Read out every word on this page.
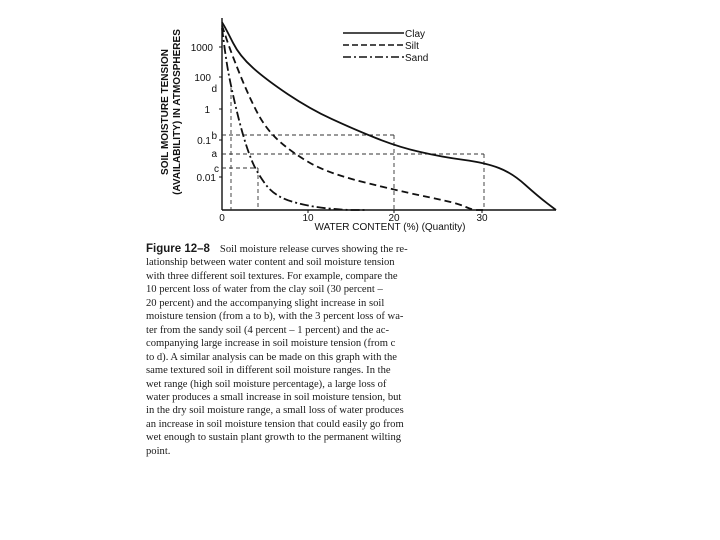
SOIL MOISTURE TENSION (AVAILABILITY) IN ATMOSPHERES
WATER CONTENT (%) (Quantity)
1000
100
1
0.1
0.01
d
b
a
c
0	10	20	30
Clay
Silt
Sand
Figure 12–8 Soil moisture release curves showing the re-
lationship between water content and soil moisture tension
with three different soil textures. For example, compare the
10 percent loss of water from the clay soil (30 percent –
20 percent) and the accompanying slight increase in soil
moisture tension (from a to b), with the 3 percent loss of wa-
ter from the sandy soil (4 percent – 1 percent) and the ac-
companying large increase in soil moisture tension (from c
to d). A similar analysis can be made on this graph with the
same textured soil in different soil moisture ranges. In the
wet range (high soil moisture percentage), a large loss of
water produces a small increase in soil moisture tension, but
in the dry soil moisture range, a small loss of water produces
an increase in soil moisture tension that could easily go from
wet enough to sustain plant growth to the permanent wilting
point.
